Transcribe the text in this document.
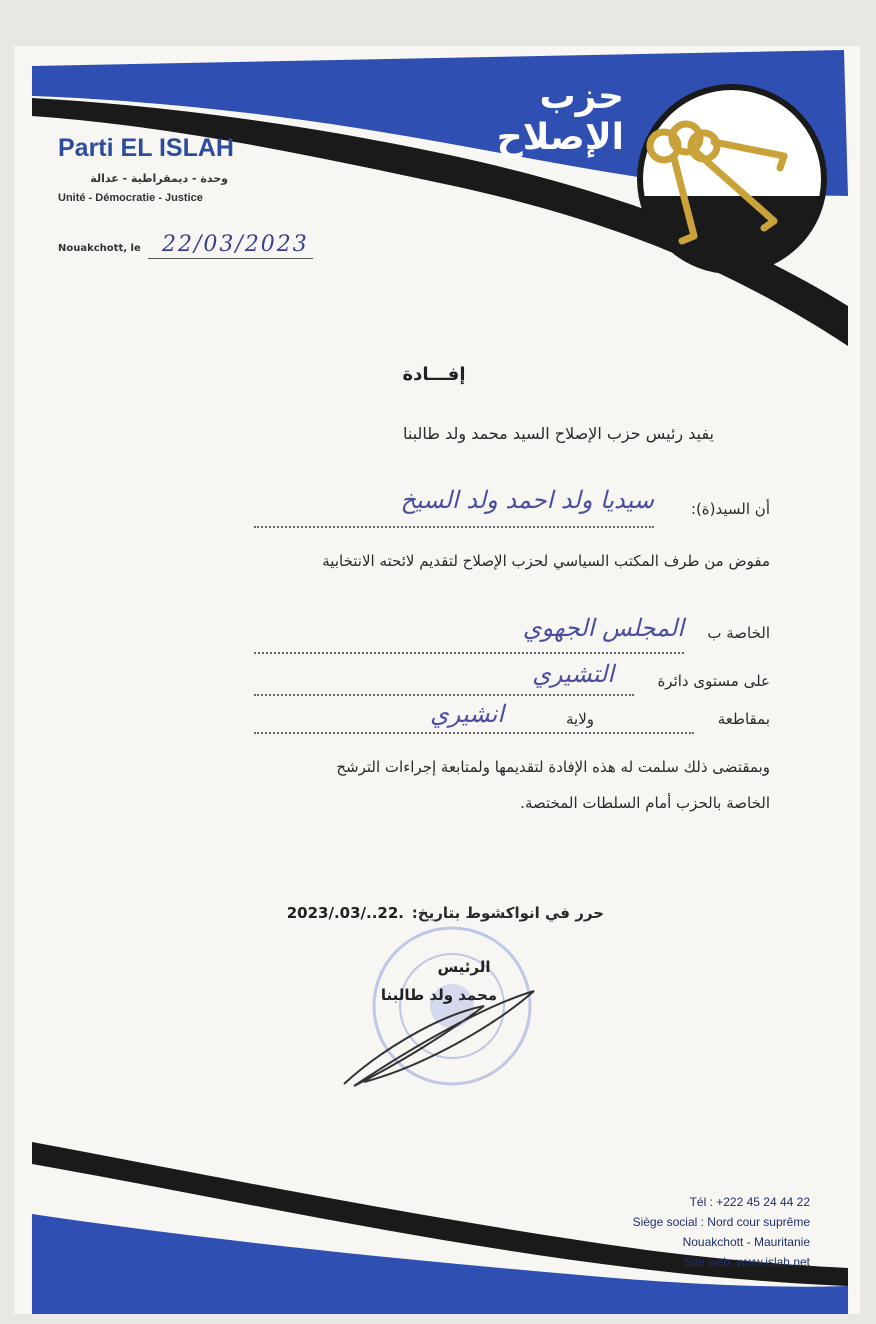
حزب الإصلاح
Parti EL ISLAH
وحدة - ديمقراطية - عدالة
Unité - Démocratie - Justice
Nouakchott, le 22/03/2023
إفـــادة
يفيد رئيس حزب الإصلاح السيد محمد ولد طالبنا
أن السيد(ة):
سيديا ولد احمد ولد السيخ
مفوض من طرف المكتب السياسي لحزب الإصلاح لتقديم لائحته الانتخابية
الخاصة ب
المجلس الجهوي
على مستوى دائرة
التشيري
بمقاطعة
ولاية
انشيري
وبمقتضى ذلك سلمت له هذه الإفادة لتقديمها ولمتابعة إجراءات الترشح
الخاصة بالحزب أمام السلطات المختصة.
حرر في انواكشوط بتاريخ:
2023/.03/..22.
الرئيس
محمد ولد طالبنا
Tél : +222 45 24 44 22
Siège social : Nord cour suprême
Nouakchott - Mauritanie
Site web: www.islah.net
